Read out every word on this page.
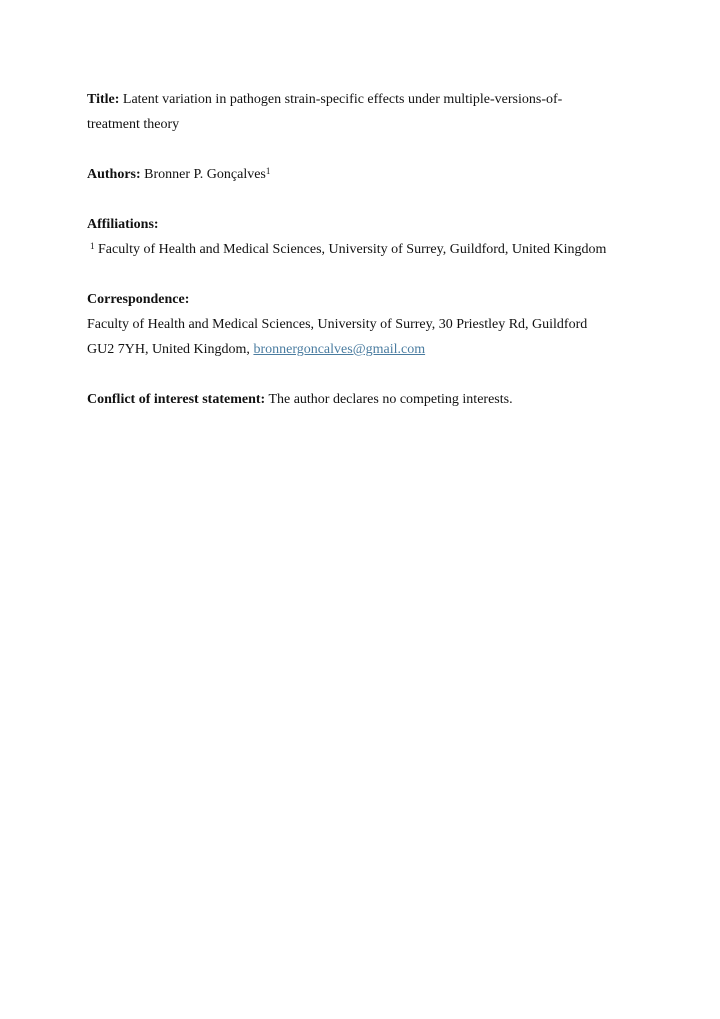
Title: Latent variation in pathogen strain-specific effects under multiple-versions-of-
treatment theory
Authors: Bronner P. Gonçalves$^1$
Affiliations:
$^1$ Faculty of Health and Medical Sciences, University of Surrey, Guildford, United Kingdom
Correspondence:
Faculty of Health and Medical Sciences, University of Surrey, 30 Priestley Rd, Guildford
GU2 7YH, United Kingdom, bronnergoncalves@gmail.com
Conflict of interest statement: The author declares no competing interests.
